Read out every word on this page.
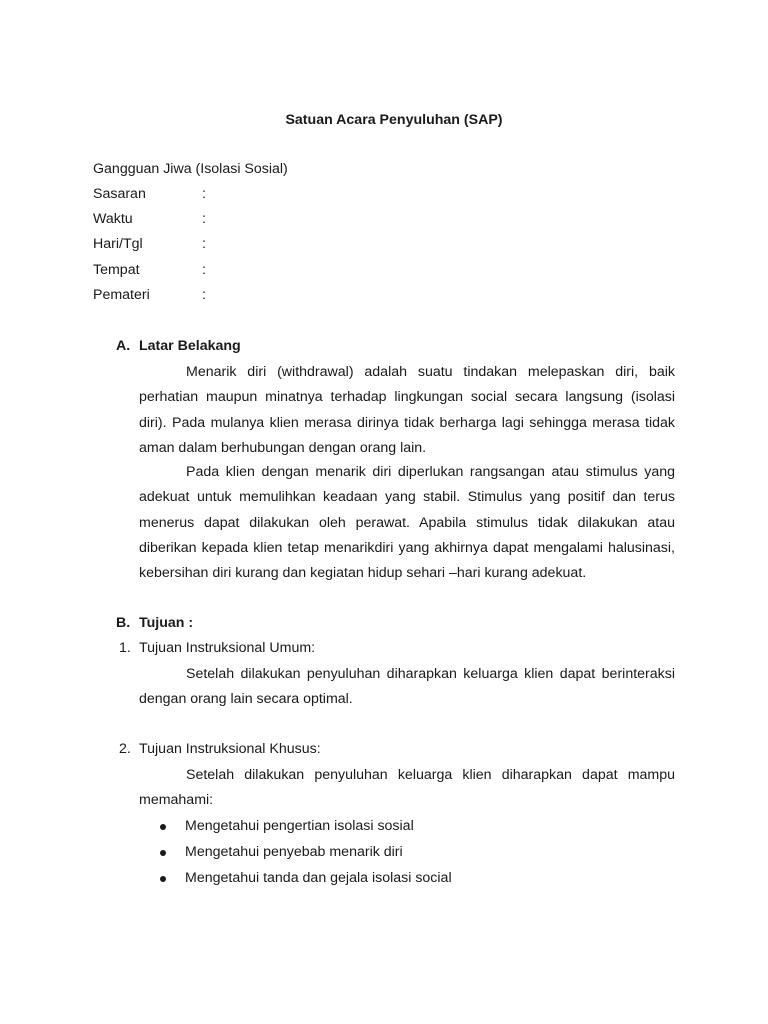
Satuan Acara Penyuluhan (SAP)
Gangguan Jiwa (Isolasi Sosial)
Sasaran	:
Waktu	:
Hari/Tgl	:
Tempat	:
Pemateri	:
A. Latar Belakang

Menarik diri (withdrawal) adalah suatu tindakan melepaskan diri, baik perhatian maupun minatnya terhadap lingkungan social secara langsung (isolasi diri). Pada mulanya klien merasa dirinya tidak berharga lagi sehingga merasa tidak aman dalam berhubungan dengan orang lain.

Pada klien dengan menarik diri diperlukan rangsangan atau stimulus yang adekuat untuk memulihkan keadaan yang stabil. Stimulus yang positif dan terus menerus dapat dilakukan oleh perawat. Apabila stimulus tidak dilakukan atau diberikan kepada klien tetap menarikdiri yang akhirnya dapat mengalami halusinasi, kebersihan diri kurang dan kegiatan hidup sehari –hari kurang adekuat.

B. Tujuan :
1. Tujuan Instruksional Umum:

Setelah dilakukan penyuluhan diharapkan keluarga klien dapat berinteraksi dengan orang lain secara optimal.

2. Tujuan Instruksional Khusus:

Setelah dilakukan penyuluhan keluarga klien diharapkan dapat mampu memahami:

Mengetahui pengertian isolasi sosial
Mengetahui penyebab menarik diri
Mengetahui tanda dan gejala isolasi social
